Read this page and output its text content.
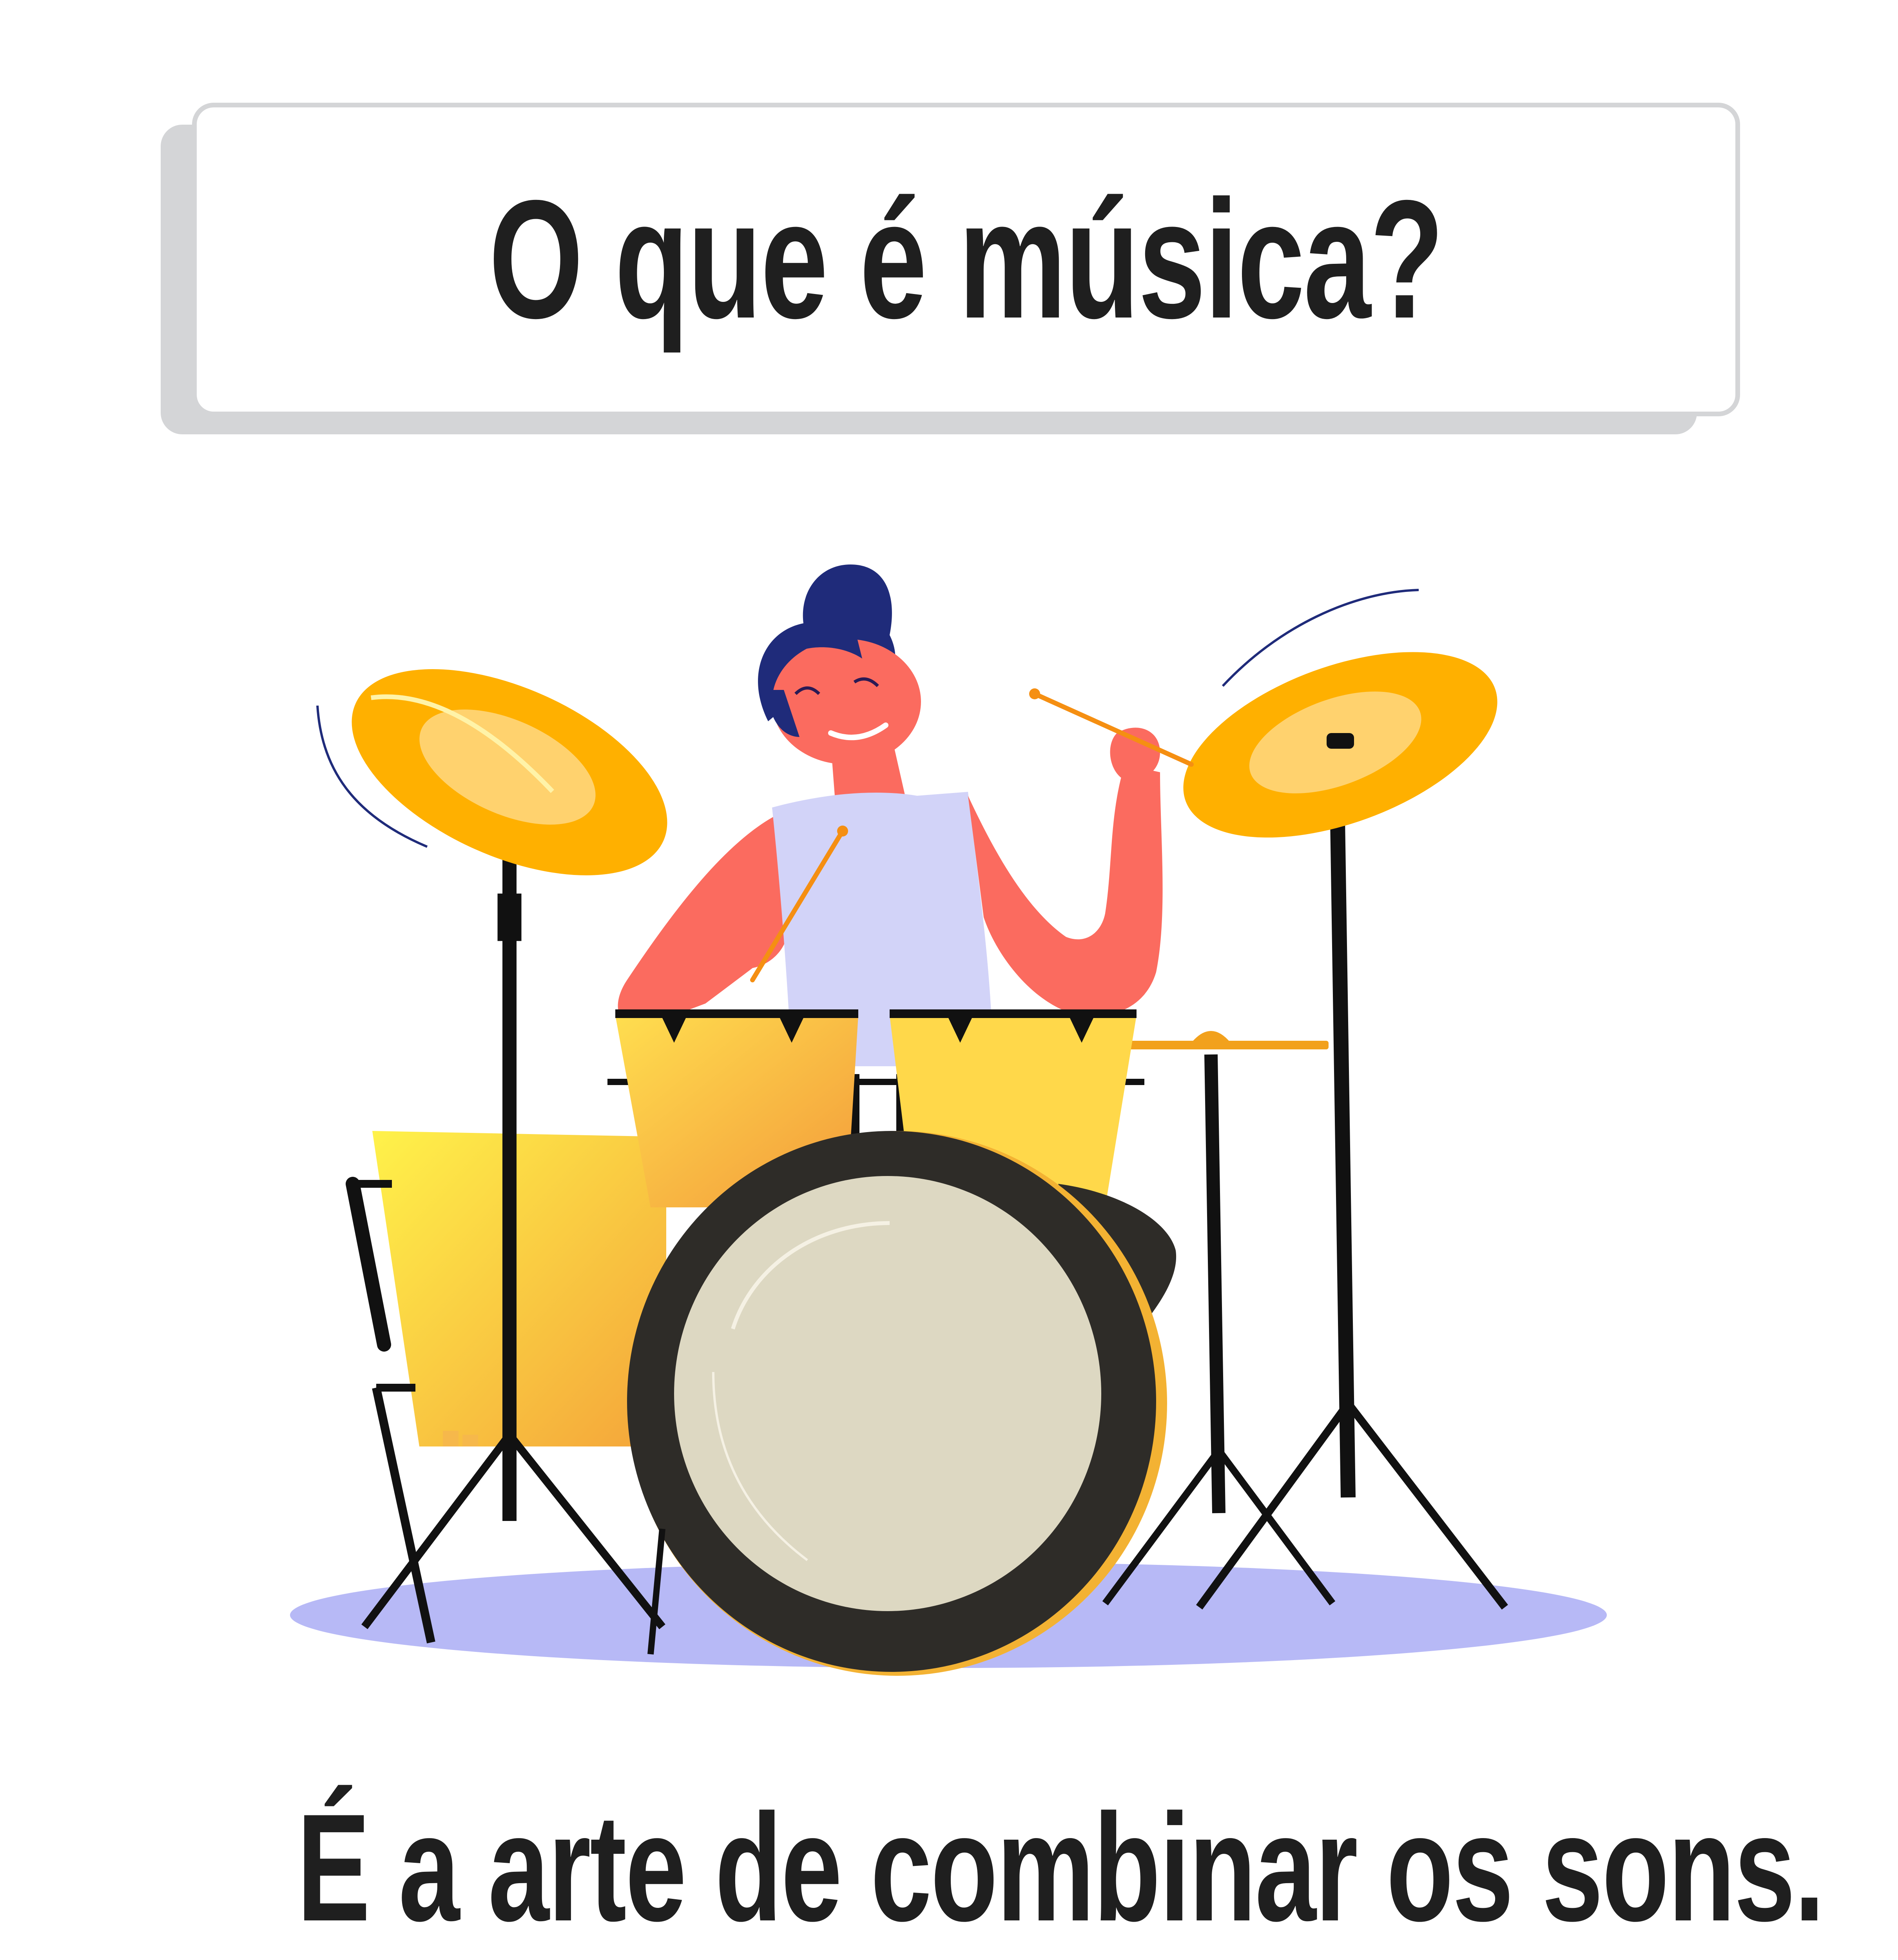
O que é música?
É a arte de combinar os sons.
